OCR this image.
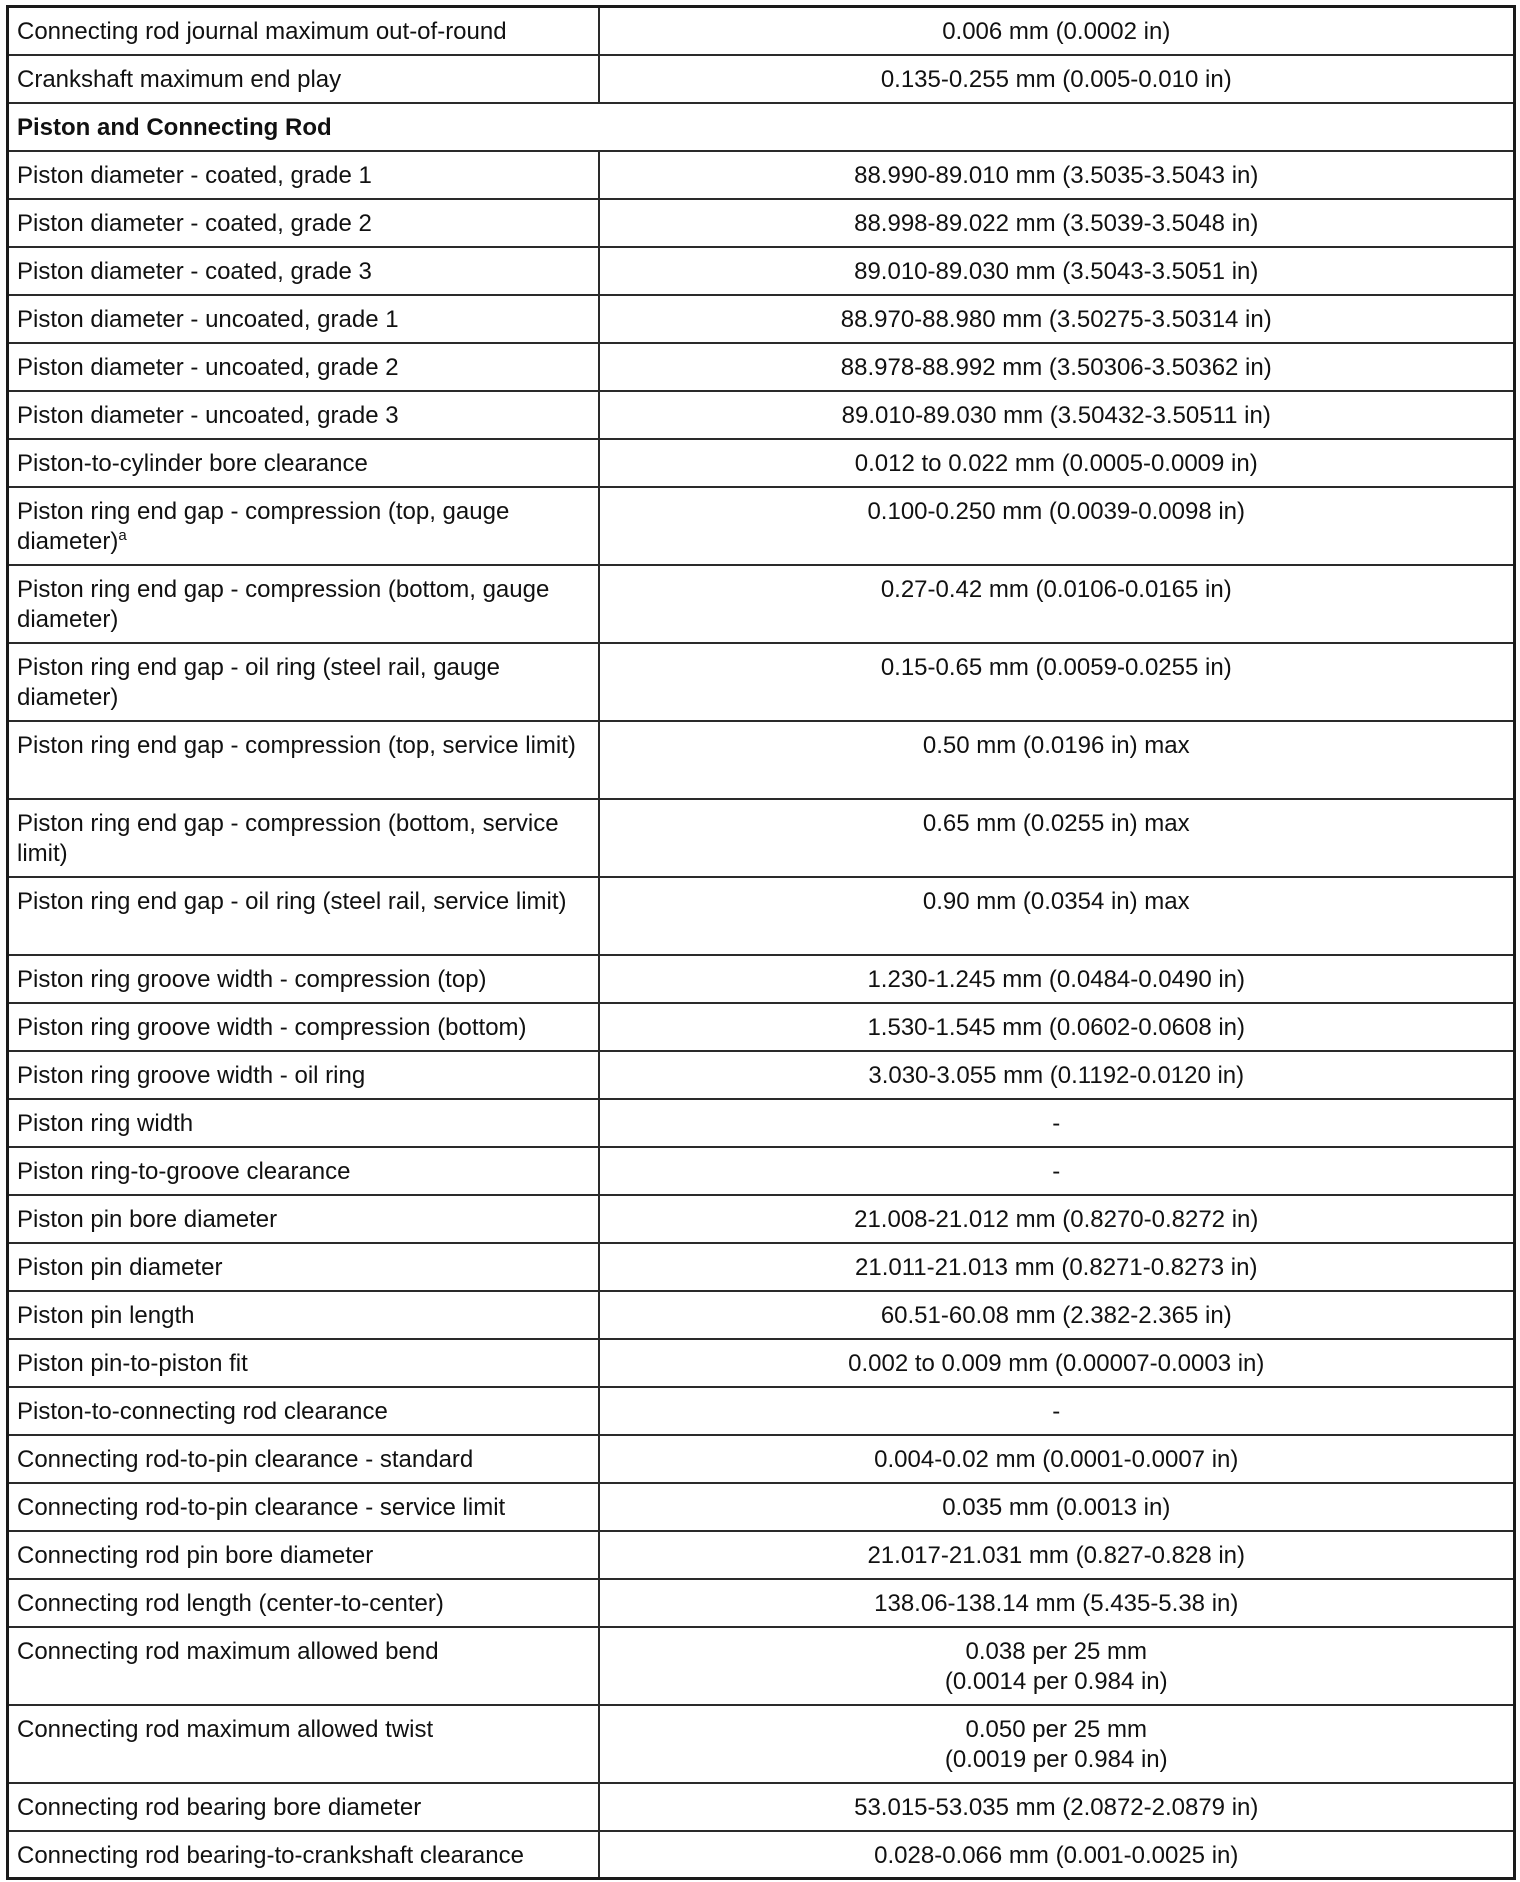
Connecting rod journal maximum out-of-round	0.006 mm (0.0002 in)
Crankshaft maximum end play	0.135-0.255 mm (0.005-0.010 in)
Piston and Connecting Rod	
Piston diameter - coated, grade 1	88.990-89.010 mm (3.5035-3.5043 in)
Piston diameter - coated, grade 2	88.998-89.022 mm (3.5039-3.5048 in)
Piston diameter - coated, grade 3	89.010-89.030 mm (3.5043-3.5051 in)
Piston diameter - uncoated, grade 1	88.970-88.980 mm (3.50275-3.50314 in)
Piston diameter - uncoated, grade 2	88.978-88.992 mm (3.50306-3.50362 in)
Piston diameter - uncoated, grade 3	89.010-89.030 mm (3.50432-3.50511 in)
Piston-to-cylinder bore clearance	0.012 to 0.022 mm (0.0005-0.0009 in)
Piston ring end gap - compression (top, gauge diameter)$^a$	0.100-0.250 mm (0.0039-0.0098 in)
Piston ring end gap - compression (bottom, gauge diameter)	0.27-0.42 mm (0.0106-0.0165 in)
Piston ring end gap - oil ring (steel rail, gauge diameter)	0.15-0.65 mm (0.0059-0.0255 in)
Piston ring end gap - compression (top, service limit)	0.50 mm (0.0196 in) max
Piston ring end gap - compression (bottom, service limit)	0.65 mm (0.0255 in) max
Piston ring end gap - oil ring (steel rail, service limit)	0.90 mm (0.0354 in) max
Piston ring groove width - compression (top)	1.230-1.245 mm (0.0484-0.0490 in)
Piston ring groove width - compression (bottom)	1.530-1.545 mm (0.0602-0.0608 in)
Piston ring groove width - oil ring	3.030-3.055 mm (0.1192-0.0120 in)
Piston ring width	-
Piston ring-to-groove clearance	-
Piston pin bore diameter	21.008-21.012 mm (0.8270-0.8272 in)
Piston pin diameter	21.011-21.013 mm (0.8271-0.8273 in)
Piston pin length	60.51-60.08 mm (2.382-2.365 in)
Piston pin-to-piston fit	0.002 to 0.009 mm (0.00007-0.0003 in)
Piston-to-connecting rod clearance	-
Connecting rod-to-pin clearance - standard	0.004-0.02 mm (0.0001-0.0007 in)
Connecting rod-to-pin clearance - service limit	0.035 mm (0.0013 in)
Connecting rod pin bore diameter	21.017-21.031 mm (0.827-0.828 in)
Connecting rod length (center-to-center)	138.06-138.14 mm (5.435-5.38 in)
Connecting rod maximum allowed bend	0.038 per 25 mm
(0.0014 per 0.984 in)
Connecting rod maximum allowed twist	0.050 per 25 mm
(0.0019 per 0.984 in)
Connecting rod bearing bore diameter	53.015-53.035 mm (2.0872-2.0879 in)
Connecting rod bearing-to-crankshaft clearance	0.028-0.066 mm (0.001-0.0025 in)
